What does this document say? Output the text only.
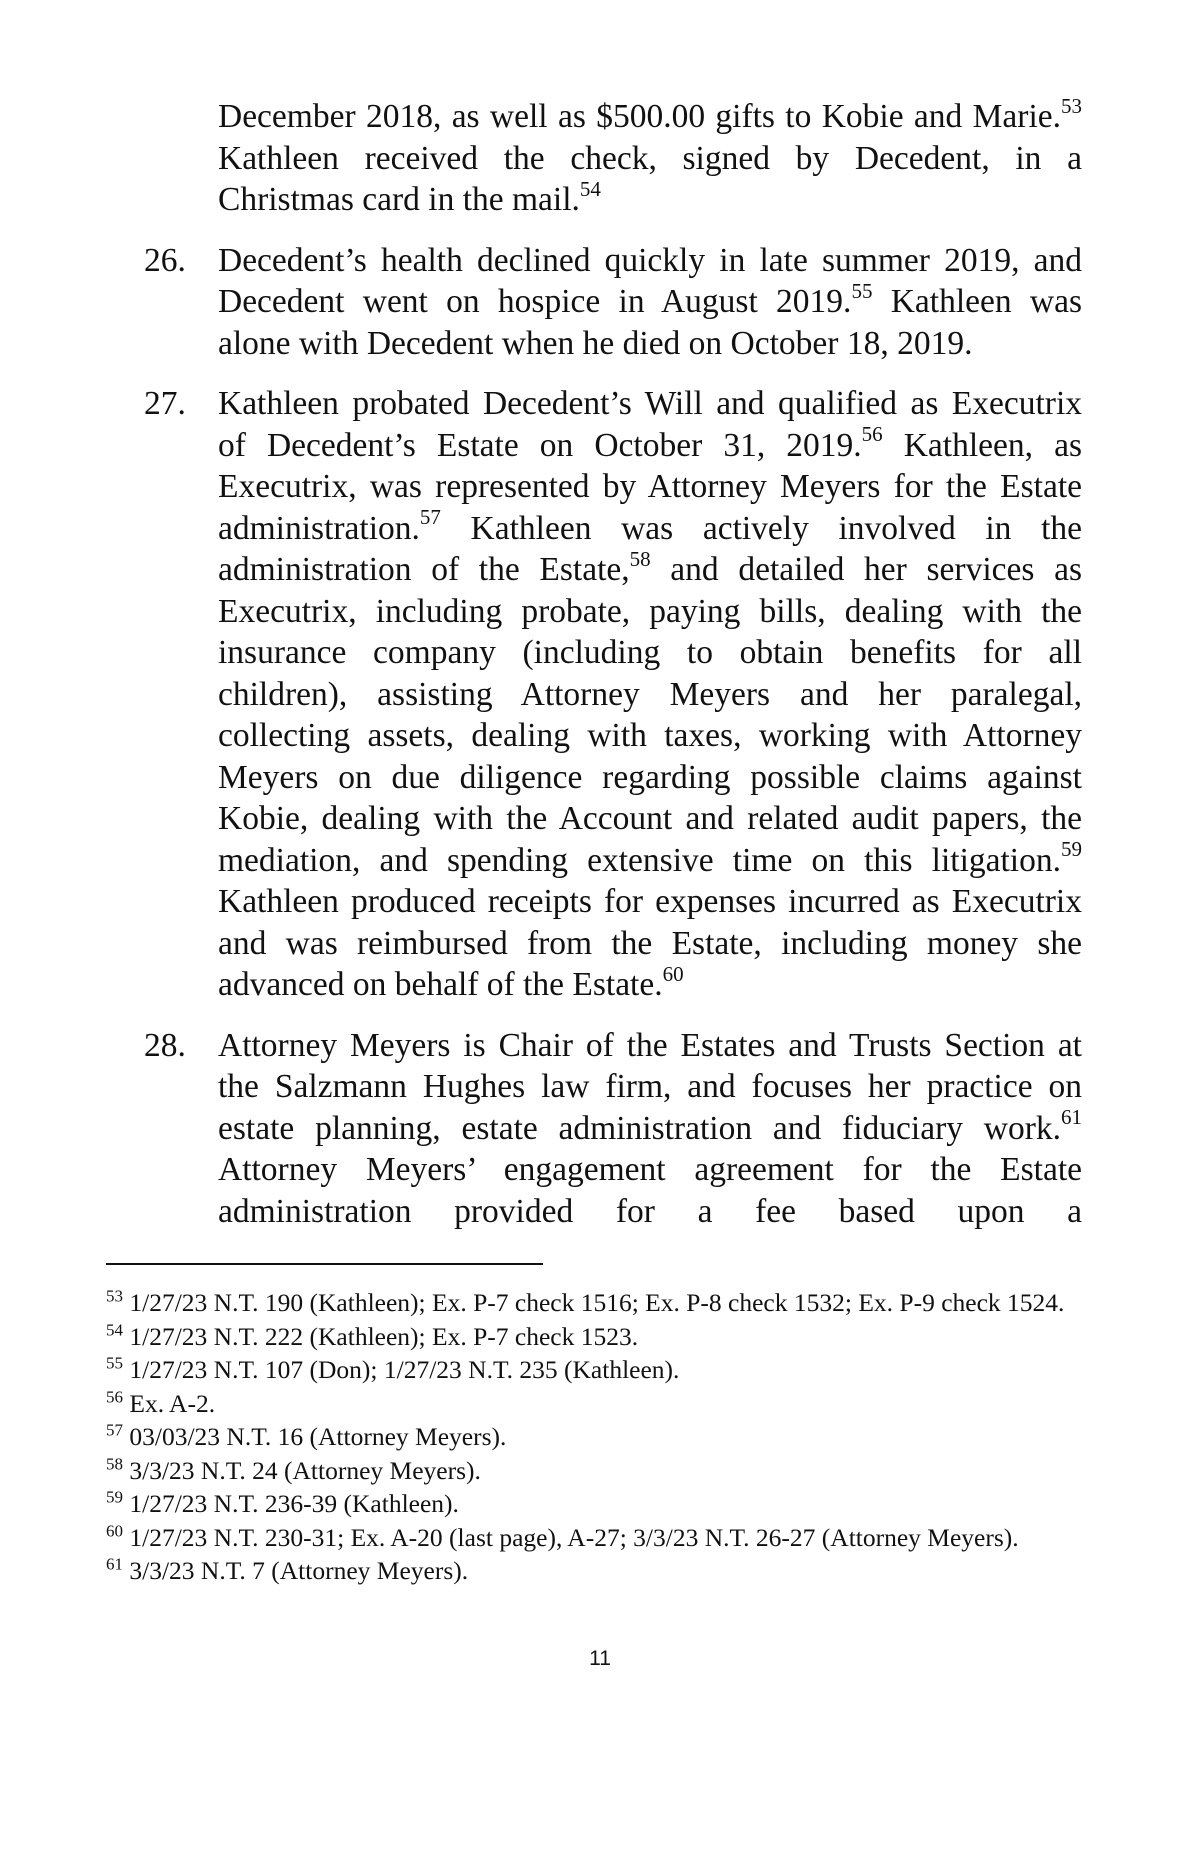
December 2018, as well as $500.00 gifts to Kobie and Marie.$^{53}$ Kathleen received the check, signed by Decedent, in a Christmas card in the mail.$^{54}$

26. Decedent’s health declined quickly in late summer 2019, and Decedent went on hospice in August 2019.55 Kathleen was alone with Decedent when he died on October 18, 2019.

27. Kathleen probated Decedent’s Will and qualified as Executrix of Decedent’s Estate on October 31, 2019.56 Kathleen, as Executrix, was represented by Attorney Meyers for the Estate administration.$^{57}$ Kathleen was actively involved in the administration of the Estate,$^{58}$ and detailed her services as Executrix, including probate, paying bills, dealing with the insurance company (including to obtain benefits for all children), assisting Attorney Meyers and her paralegal, collecting assets, dealing with taxes, working with Attorney Meyers on due diligence regarding possible claims against Kobie, dealing with the Account and related audit papers, the mediation, and spending extensive time on this litigation.$^{59}$ Kathleen produced receipts for expenses incurred as Executrix and was reimbursed from the Estate, including money she advanced on behalf of the Estate.$^{60}$

28. Attorney Meyers is Chair of the Estates and Trusts Section at the Salzmann Hughes law firm, and focuses her practice on estate planning, estate administration and fiduciary work.$^{61}$ Attorney Meyers’ engagement agreement for the Estate administration provided for a fee based upon a

$^{53}$ 1/27/23 N.T. 190 (Kathleen); Ex. P-7 check 1516; Ex. P-8 check 1532; Ex. P-9 check 1524.

$^{54}$ 1/27/23 N.T. 222 (Kathleen); Ex. P-7 check 1523.

$^{55}$ 1/27/23 N.T. 107 (Don); 1/27/23 N.T. 235 (Kathleen).

$^{56}$ Ex. A-2.

$^{57}$ 03/03/23 N.T. 16 (Attorney Meyers).

$^{58}$ 3/3/23 N.T. 24 (Attorney Meyers).

$^{59}$ 1/27/23 N.T. 236-39 (Kathleen).

$^{60}$ 1/27/23 N.T. 230-31; Ex. A-20 (last page), A-27; 3/3/23 N.T. 26-27 (Attorney Meyers).

$^{61}$ 3/3/23 N.T. 7 (Attorney Meyers).

11
